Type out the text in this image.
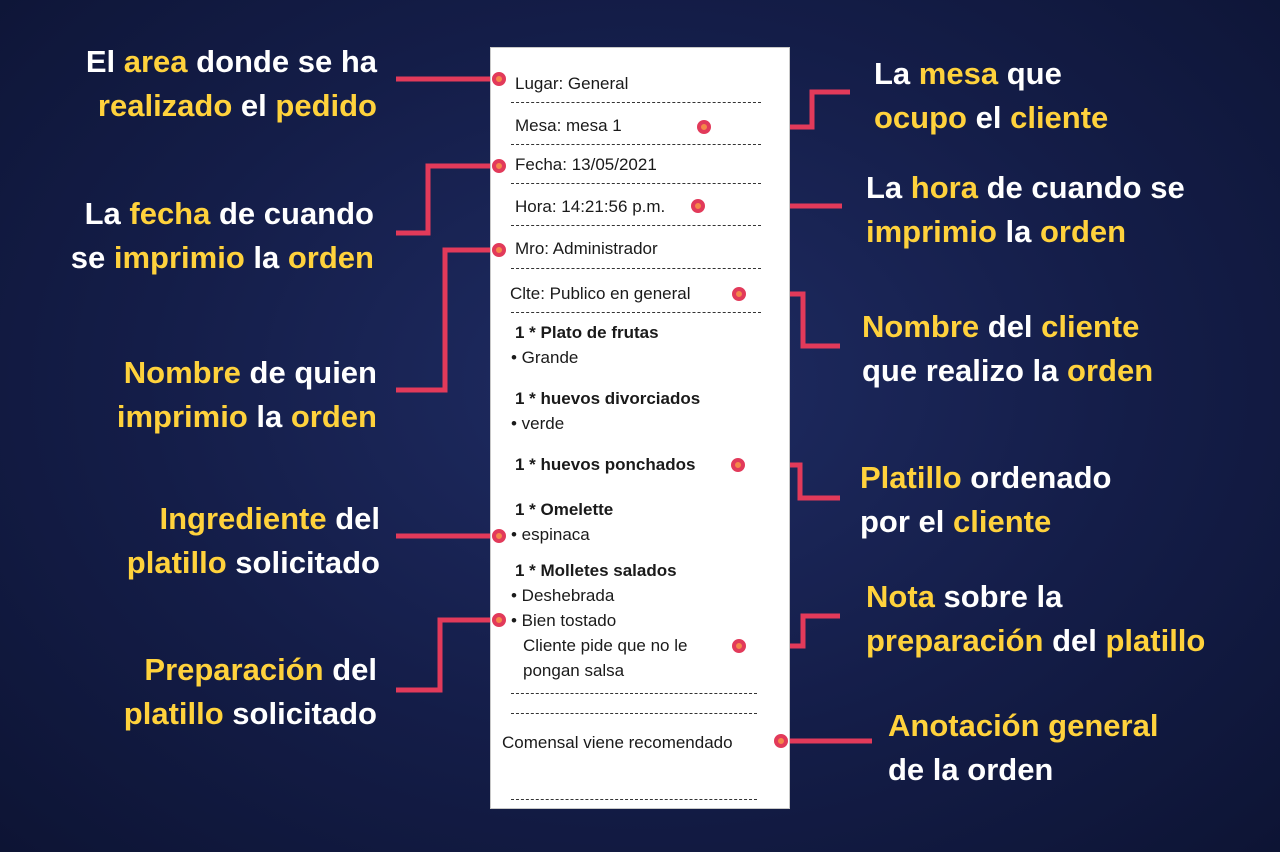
Lugar: General
Mesa: mesa 1
Fecha: 13/05/2021
Hora: 14:21:56 p.m.
Mro: Administrador
Clte: Publico en general
1 * Plato de frutas
• Grande
1 * huevos divorciados
• verde
1 * huevos ponchados
1 * Omelette
• espinaca
1 * Molletes salados
• Deshebrada
• Bien tostado
Cliente pide que no le
pongan salsa
Comensal viene recomendado
El area donde se ha
realizado el pedido
La fecha de cuando
se imprimio la orden
Nombre de quien
imprimio la orden
Ingrediente del
platillo solicitado
Preparación del
platillo solicitado
La mesa que
ocupo el cliente
La hora de cuando se
imprimio la orden
Nombre del cliente
que realizo la orden
Platillo ordenado
por el cliente
Nota sobre la
preparación del platillo
Anotación general
de la orden
